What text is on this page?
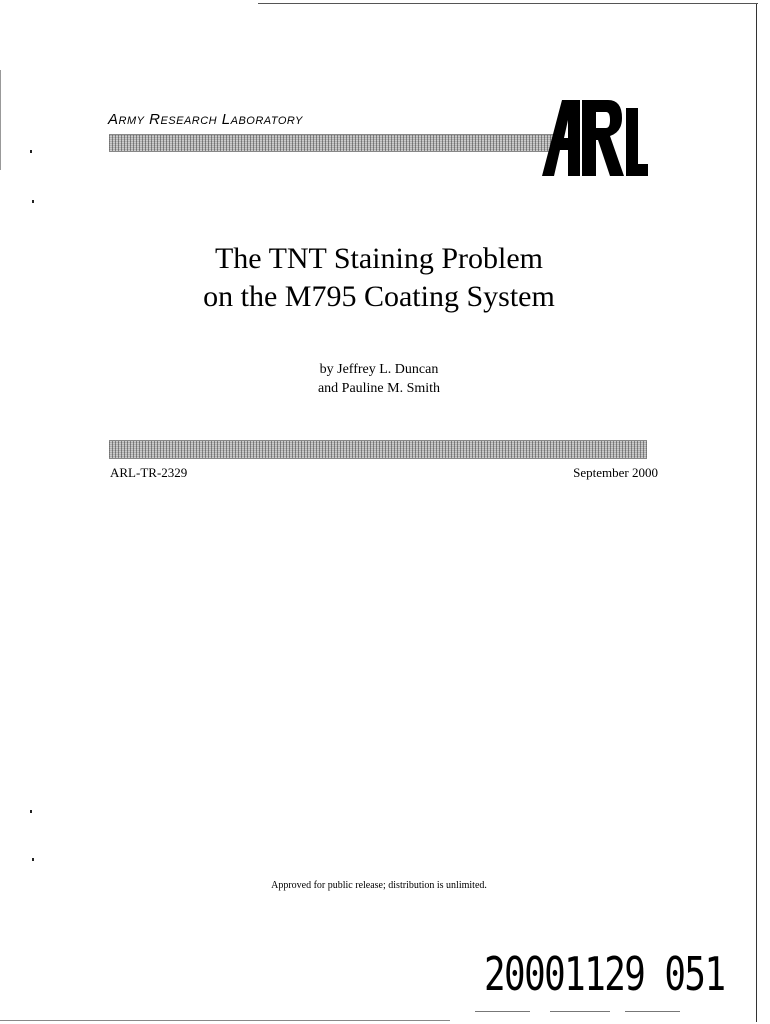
Army Research Laboratory
The TNT Staining Problem
on the M795 Coating System
by Jeffrey L. Duncan
and Pauline M. Smith
ARL-TR-2329	September 2000
Approved for public release; distribution is unlimited.
20001129 051
